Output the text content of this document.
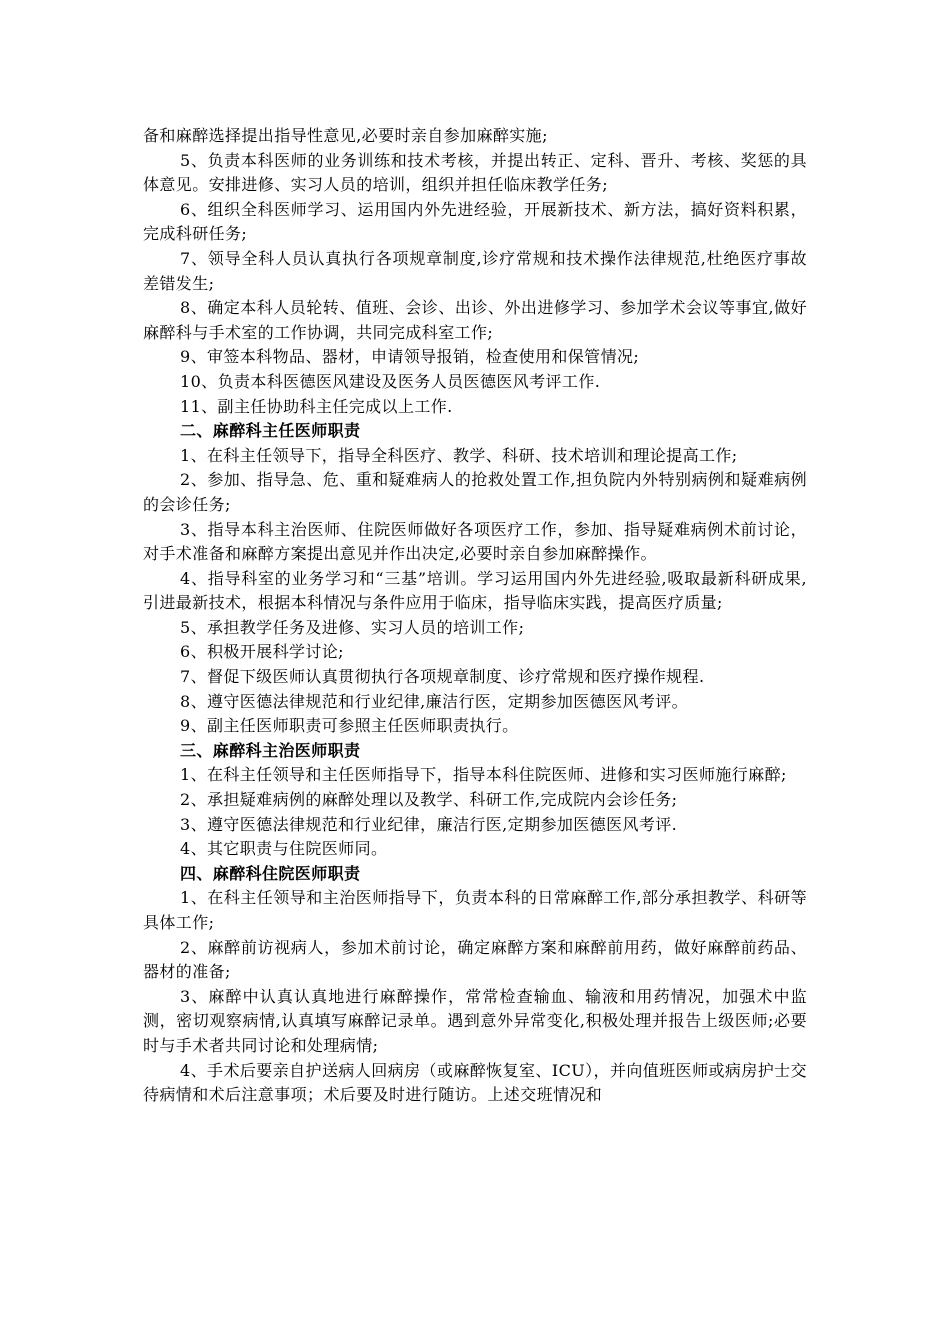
备和麻醉选择提出指导性意见,必要时亲自参加麻醉实施;

5、负责本科医师的业务训练和技术考核，并提出转正、定科、晋升、考核、奖惩的具体意见。安排进修、实习人员的培训，组织并担任临床教学任务;

6、组织全科医师学习、运用国内外先进经验，开展新技术、新方法，搞好资料积累，完成科研任务;

7、领导全科人员认真执行各项规章制度,诊疗常规和技术操作法律规范,杜绝医疗事故差错发生;

8、确定本科人员轮转、值班、会诊、出诊、外出进修学习、参加学术会议等事宜,做好麻醉科与手术室的工作协调，共同完成科室工作;

9、审签本科物品、器材，申请领导报销，检查使用和保管情况;

10、负责本科医德医风建设及医务人员医德医风考评工作.

11、副主任协助科主任完成以上工作.

二、麻醉科主任医师职责

1、在科主任领导下，指导全科医疗、教学、科研、技术培训和理论提高工作;

2、参加、指导急、危、重和疑难病人的抢救处置工作,担负院内外特别病例和疑难病例的会诊任务;

3、指导本科主治医师、住院医师做好各项医疗工作，参加、指导疑难病例术前讨论，对手术准备和麻醉方案提出意见并作出决定,必要时亲自参加麻醉操作。

4、指导科室的业务学习和“三基”培训。学习运用国内外先进经验,吸取最新科研成果,引进最新技术，根据本科情况与条件应用于临床，指导临床实践，提高医疗质量;

5、承担教学任务及进修、实习人员的培训工作;

6、积极开展科学讨论;

7、督促下级医师认真贯彻执行各项规章制度、诊疗常规和医疗操作规程.

8、遵守医德法律规范和行业纪律,廉洁行医，定期参加医德医风考评。

9、副主任医师职责可参照主任医师职责执行。

三、麻醉科主治医师职责

1、在科主任领导和主任医师指导下，指导本科住院医师、进修和实习医师施行麻醉;

2、承担疑难病例的麻醉处理以及教学、科研工作,完成院内会诊任务;

3、遵守医德法律规范和行业纪律，廉洁行医,定期参加医德医风考评.

4、其它职责与住院医师同。

四、麻醉科住院医师职责

1、在科主任领导和主治医师指导下，负责本科的日常麻醉工作,部分承担教学、科研等具体工作;

2、麻醉前访视病人，参加术前讨论，确定麻醉方案和麻醉前用药，做好麻醉前药品、器材的准备;

3、麻醉中认真认真地进行麻醉操作，常常检查输血、输液和用药情况，加强术中监测，密切观察病情,认真填写麻醉记录单。遇到意外异常变化,积极处理并报告上级医师;必要时与手术者共同讨论和处理病情;

4、手术后要亲自护送病人回病房（或麻醉恢复室、ICU），并向值班医师或病房护士交待病情和术后注意事项；术后要及时进行随访。上述交班情况和
